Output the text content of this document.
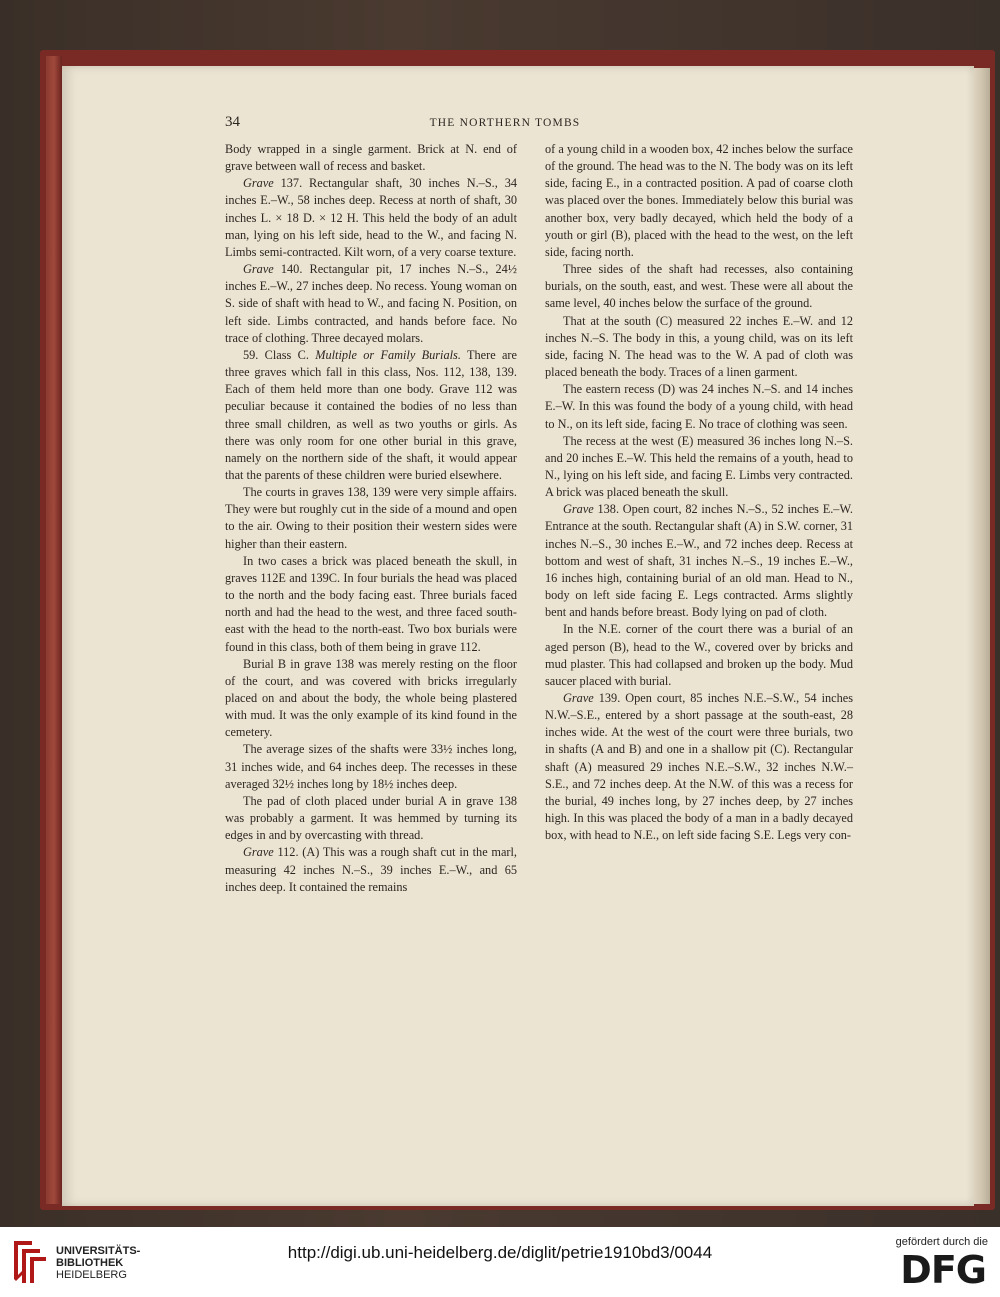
34	THE NORTHERN TOMBS

Body wrapped in a single garment. Brick at N. end of grave between wall of recess and basket.

Grave 137. Rectangular shaft, 30 inches N.–S., 34 inches E.–W., 58 inches deep. Recess at north of shaft, 30 inches L. × 18 D. × 12 H. This held the body of an adult man, lying on his left side, head to the W., and facing N. Limbs semi-contracted. Kilt worn, of a very coarse texture.

Grave 140. Rectangular pit, 17 inches N.–S., 24½ inches E.–W., 27 inches deep. No recess. Young woman on S. side of shaft with head to W., and facing N. Position, on left side. Limbs contracted, and hands before face. No trace of clothing. Three decayed molars.

59. Class C. Multiple or Family Burials. There are three graves which fall in this class, Nos. 112, 138, 139. Each of them held more than one body. Grave 112 was peculiar because it contained the bodies of no less than three small children, as well as two youths or girls. As there was only room for one other burial in this grave, namely on the northern side of the shaft, it would appear that the parents of these children were buried elsewhere.

The courts in graves 138, 139 were very simple affairs. They were but roughly cut in the side of a mound and open to the air. Owing to their position their western sides were higher than their eastern.

In two cases a brick was placed beneath the skull, in graves 112E and 139C. In four burials the head was placed to the north and the body facing east. Three burials faced north and had the head to the west, and three faced south-east with the head to the north-east. Two box burials were found in this class, both of them being in grave 112.

Burial B in grave 138 was merely resting on the floor of the court, and was covered with bricks irregularly placed on and about the body, the whole being plastered with mud. It was the only example of its kind found in the cemetery.

The average sizes of the shafts were 33½ inches long, 31 inches wide, and 64 inches deep. The recesses in these averaged 32½ inches long by 18½ inches deep.

The pad of cloth placed under burial A in grave 138 was probably a garment. It was hemmed by turning its edges in and by overcasting with thread.

Grave 112. (A) This was a rough shaft cut in the marl, measuring 42 inches N.–S., 39 inches E.–W., and 65 inches deep. It contained the remains

of a young child in a wooden box, 42 inches below the surface of the ground. The head was to the N. The body was on its left side, facing E., in a contracted position. A pad of coarse cloth was placed over the bones. Immediately below this burial was another box, very badly decayed, which held the body of a youth or girl (B), placed with the head to the west, on the left side, facing north.

Three sides of the shaft had recesses, also containing burials, on the south, east, and west. These were all about the same level, 40 inches below the surface of the ground.

That at the south (C) measured 22 inches E.–W. and 12 inches N.–S. The body in this, a young child, was on its left side, facing N. The head was to the W. A pad of cloth was placed beneath the body. Traces of a linen garment.

The eastern recess (D) was 24 inches N.–S. and 14 inches E.–W. In this was found the body of a young child, with head to N., on its left side, facing E. No trace of clothing was seen.

The recess at the west (E) measured 36 inches long N.–S. and 20 inches E.–W. This held the remains of a youth, head to N., lying on his left side, and facing E. Limbs very contracted. A brick was placed beneath the skull.

Grave 138. Open court, 82 inches N.–S., 52 inches E.–W. Entrance at the south. Rectangular shaft (A) in S.W. corner, 31 inches N.–S., 30 inches E.–W., and 72 inches deep. Recess at bottom and west of shaft, 31 inches N.–S., 19 inches E.–W., 16 inches high, containing burial of an old man. Head to N., body on left side facing E. Legs contracted. Arms slightly bent and hands before breast. Body lying on pad of cloth.

In the N.E. corner of the court there was a burial of an aged person (B), head to the W., covered over by bricks and mud plaster. This had collapsed and broken up the body. Mud saucer placed with burial.

Grave 139. Open court, 85 inches N.E.–S.W., 54 inches N.W.–S.E., entered by a short passage at the south-east, 28 inches wide. At the west of the court were three burials, two in shafts (A and B) and one in a shallow pit (C). Rectangular shaft (A) measured 29 inches N.E.–S.W., 32 inches N.W.–S.E., and 72 inches deep. At the N.W. of this was a recess for the burial, 49 inches long, by 27 inches deep, by 27 inches high. In this was placed the body of a man in a badly decayed box, with head to N.E., on left side facing S.E. Legs very con-

UNIVERSITÄTS-
BIBLIOTHEK
HEIDELBERG
http://digi.ub.uni-heidelberg.de/diglit/petrie1910bd3/0044
gefördert durch die
DFG
